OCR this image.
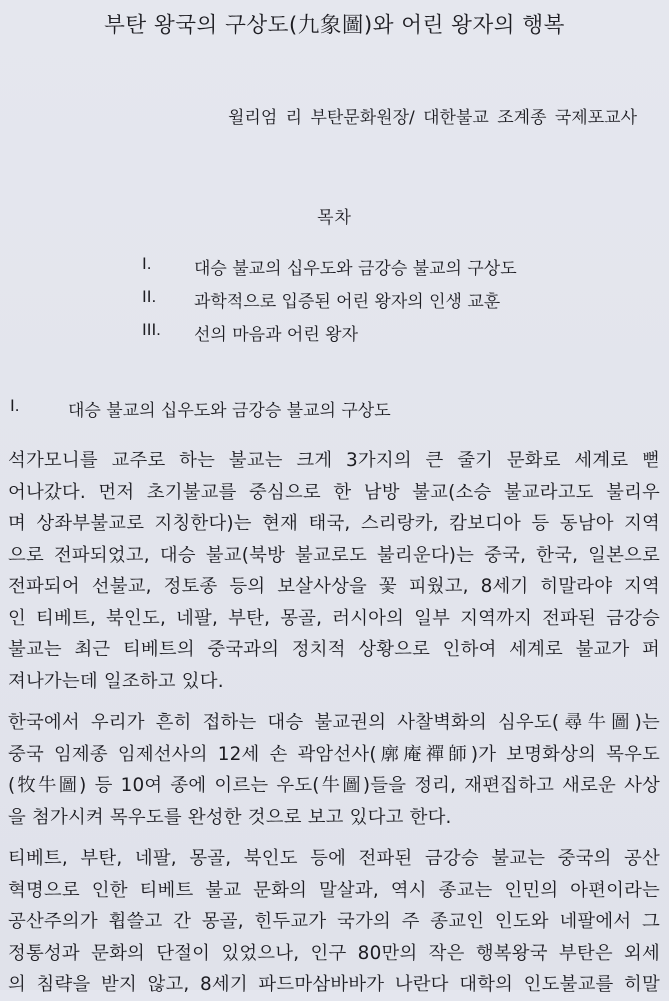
부탄 왕국의 구상도(九象圖)와 어린 왕자의 행복
윌리엄 리 부탄문화원장/ 대한불교 조계종 국제포교사
목차
I.	대승 불교의 십우도와 금강승 불교의 구상도
II.	과학적으로 입증된 어린 왕자의 인생 교훈
III.	선의 마음과 어린 왕자
I.	대승 불교의 십우도와 금강승 불교의 구상도
석가모니를 교주로 하는 불교는 크게 3가지의 큰 줄기 문화로 세계로 뻗
어나갔다. 먼저 초기불교를 중심으로 한 남방 불교(소승 불교라고도 불리우
며 상좌부불교로 지칭한다)는 현재 태국, 스리랑카, 캄보디아 등 동남아 지역
으로 전파되었고, 대승 불교(북방 불교로도 불리운다)는 중국, 한국, 일본으로
전파되어 선불교, 정토종 등의 보살사상을 꽃 피웠고, 8세기 히말라야 지역
인 티베트, 북인도, 네팔, 부탄, 몽골, 러시아의 일부 지역까지 전파된 금강승
불교는 최근 티베트의 중국과의 정치적 상황으로 인하여 세계로 불교가 퍼
져나가는데 일조하고 있다.
한국에서 우리가 흔히 접하는 대승 불교권의 사찰벽화의 심우도(尋牛圖)는
중국 임제종 임제선사의 12세 손 곽암선사(廓庵禪師)가 보명화상의 목우도
(牧牛圖) 등 10여 종에 이르는 우도(牛圖)들을 정리, 재편집하고 새로운 사상
을 첨가시켜 목우도를 완성한 것으로 보고 있다고 한다.
티베트, 부탄, 네팔, 몽골, 북인도 등에 전파된 금강승 불교는 중국의 공산
혁명으로 인한 티베트 불교 문화의 말살과, 역시 종교는 인민의 아편이라는
공산주의가 휩쓸고 간 몽골, 힌두교가 국가의 주 종교인 인도와 네팔에서 그
정통성과 문화의 단절이 있었으나, 인구 80만의 작은 행복왕국 부탄은 외세
의 침략을 받지 않고, 8세기 파드마삼바바가 나란다 대학의 인도불교를 히말
